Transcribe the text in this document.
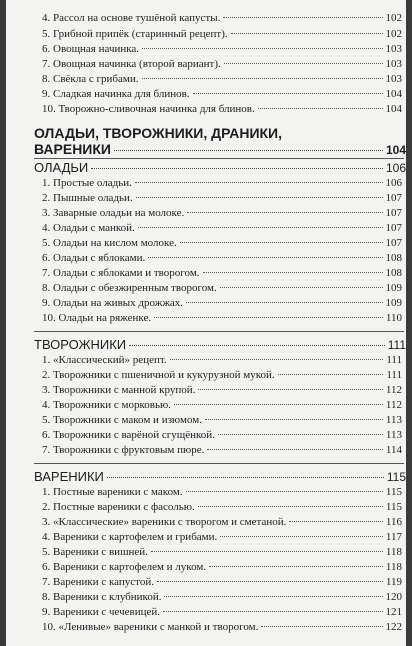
4. Рассол на основе тушёной капусты.	102
5. Грибной припёк (старинный рецепт).	102
6. Овощная начинка.	103
7. Овощная начинка (второй вариант).	103
8. Свёкла с грибами.	103
9. Сладкая начинка для блинов.	104
10. Творожно-сливочная начинка для блинов.	104
ОЛАДЬИ, ТВОРОЖНИКИ, ДРАНИКИ,
ВАРЕНИКИ	104
ОЛАДЬИ	106
1. Простые оладьи.	106
2. Пышные оладьи.	107
3. Заварные оладьи на молоке.	107
4. Оладьи с манкой.	107
5. Оладьи на кислом молоке.	107
6. Оладьи с яблоками.	108
7. Оладьи с яблоками и творогом.	108
8. Оладьи с обезжиренным творогом.	109
9. Оладьи на живых дрожжах.	109
10. Оладьи на ряженке.	110
ТВОРОЖНИКИ	111
1. «Классический» рецепт.	111
2. Творожники с пшеничной и кукурузной мукой.	111
3. Творожники с манной крупой.	112
4. Творожники с морковью.	112
5. Творожники с маком и изюмом.	113
6. Творожники с варёной сгущёнкой.	113
7. Творожники с фруктовым пюре.	114
ВАРЕНИКИ	115
1. Постные вареники с маком.	115
2. Постные вареники с фасолью.	115
3. «Классические» вареники с творогом и сметаной.	116
4. Вареники с картофелем и грибами.	117
5. Вареники с вишней.	118
6. Вареники с картофелем и луком.	118
7. Вареники с капустой.	119
8. Вареники с клубникой.	120
9. Вареники с чечевицей.	121
10. «Ленивые» вареники с манкой и творогом.	122
